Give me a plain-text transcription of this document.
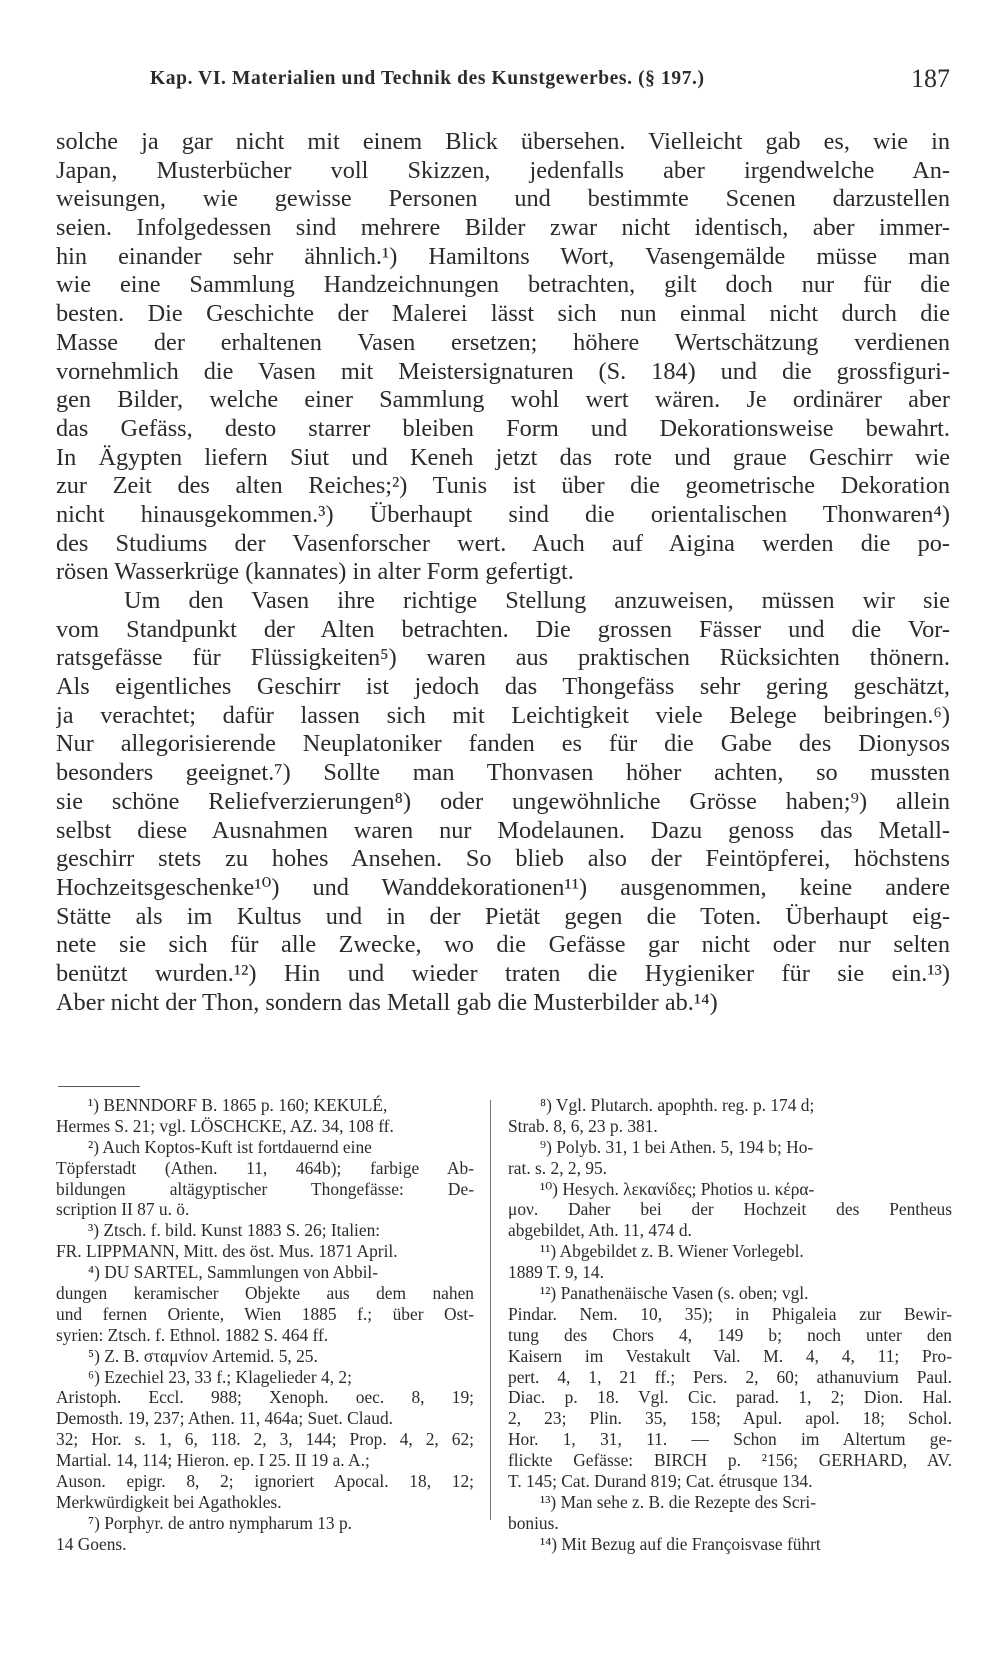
Kap. VI. Materialien und Technik des Kunstgewerbes. (§ 197.)	187
solche ja gar nicht mit einem Blick übersehen. Vielleicht gab es, wie in
Japan, Musterbücher voll Skizzen, jedenfalls aber irgendwelche An-
weisungen, wie gewisse Personen und bestimmte Scenen darzustellen
seien. Infolgedessen sind mehrere Bilder zwar nicht identisch, aber immer-
hin einander sehr ähnlich.¹) Hamiltons Wort, Vasengemälde müsse man
wie eine Sammlung Handzeichnungen betrachten, gilt doch nur für die
besten. Die Geschichte der Malerei lässt sich nun einmal nicht durch die
Masse der erhaltenen Vasen ersetzen; höhere Wertschätzung verdienen
vornehmlich die Vasen mit Meistersignaturen (S. 184) und die grossfiguri-
gen Bilder, welche einer Sammlung wohl wert wären. Je ordinärer aber
das Gefäss, desto starrer bleiben Form und Dekorationsweise bewahrt.
In Ägypten liefern Siut und Keneh jetzt das rote und graue Geschirr wie
zur Zeit des alten Reiches;²) Tunis ist über die geometrische Dekoration
nicht hinausgekommen.³) Überhaupt sind die orientalischen Thonwaren⁴)
des Studiums der Vasenforscher wert. Auch auf Aigina werden die po-
rösen Wasserkrüge (kannates) in alter Form gefertigt.
Um den Vasen ihre richtige Stellung anzuweisen, müssen wir sie
vom Standpunkt der Alten betrachten. Die grossen Fässer und die Vor-
ratsgefässe für Flüssigkeiten⁵) waren aus praktischen Rücksichten thönern.
Als eigentliches Geschirr ist jedoch das Thongefäss sehr gering geschätzt,
ja verachtet; dafür lassen sich mit Leichtigkeit viele Belege beibringen.⁶)
Nur allegorisierende Neuplatoniker fanden es für die Gabe des Dionysos
besonders geeignet.⁷) Sollte man Thonvasen höher achten, so mussten
sie schöne Reliefverzierungen⁸) oder ungewöhnliche Grösse haben;⁹) allein
selbst diese Ausnahmen waren nur Modelaunen. Dazu genoss das Metall-
geschirr stets zu hohes Ansehen. So blieb also der Feintöpferei, höchstens
Hochzeitsgeschenke¹⁰) und Wanddekorationen¹¹) ausgenommen, keine andere
Stätte als im Kultus und in der Pietät gegen die Toten. Überhaupt eig-
nete sie sich für alle Zwecke, wo die Gefässe gar nicht oder nur selten
benützt wurden.¹²) Hin und wieder traten die Hygieniker für sie ein.¹³)
Aber nicht der Thon, sondern das Metall gab die Musterbilder ab.¹⁴)
¹) BENNDORF B. 1865 p. 160; KEKULÉ,
Hermes S. 21; vgl. LÖSCHCKE, AZ. 34, 108 ff.
²) Auch Koptos-Kuft ist fortdauernd eine
Töpferstadt (Athen. 11, 464b); farbige Ab-
bildungen altägyptischer Thongefässe: De-
scription II 87 u. ö.
³) Ztsch. f. bild. Kunst 1883 S. 26; Italien:
FR. LIPPMANN, Mitt. des öst. Mus. 1871 April.
⁴) DU SARTEL, Sammlungen von Abbil-
dungen keramischer Objekte aus dem nahen
und fernen Oriente, Wien 1885 f.; über Ost-
syrien: Ztsch. f. Ethnol. 1882 S. 464 ff.
⁵) Z. B. σταμνίον Artemid. 5, 25.
⁶) Ezechiel 23, 33 f.; Klagelieder 4, 2;
Aristoph. Eccl. 988; Xenoph. oec. 8, 19;
Demosth. 19, 237; Athen. 11, 464a; Suet. Claud.
32; Hor. s. 1, 6, 118. 2, 3, 144; Prop. 4, 2, 62;
Martial. 14, 114; Hieron. ep. I 25. II 19 a. A.;
Auson. epigr. 8, 2; ignoriert Apocal. 18, 12;
Merkwürdigkeit bei Agathokles.
⁷) Porphyr. de antro nympharum 13 p.
14 Goens.
⁸) Vgl. Plutarch. apophth. reg. p. 174 d;
Strab. 8, 6, 23 p. 381.
⁹) Polyb. 31, 1 bei Athen. 5, 194 b; Ho-
rat. s. 2, 2, 95.
¹⁰) Hesych. λεκανίδες; Photios u. κέρα-
μον. Daher bei der Hochzeit des Pentheus
abgebildet, Ath. 11, 474 d.
¹¹) Abgebildet z. B. Wiener Vorlegebl.
1889 T. 9, 14.
¹²) Panathenäische Vasen (s. oben; vgl.
Pindar. Nem. 10, 35); in Phigaleia zur Bewir-
tung des Chors 4, 149 b; noch unter den
Kaisern im Vestakult Val. M. 4, 4, 11; Pro-
pert. 4, 1, 21 ff.; Pers. 2, 60; athanuvium Paul.
Diac. p. 18. Vgl. Cic. parad. 1, 2; Dion. Hal.
2, 23; Plin. 35, 158; Apul. apol. 18; Schol.
Hor. 1, 31, 11. — Schon im Altertum ge-
flickte Gefässe: BIRCH p. ²156; GERHARD, AV.
T. 145; Cat. Durand 819; Cat. étrusque 134.
¹³) Man sehe z. B. die Rezepte des Scri-
bonius.
¹⁴) Mit Bezug auf die Françoisvase führt
